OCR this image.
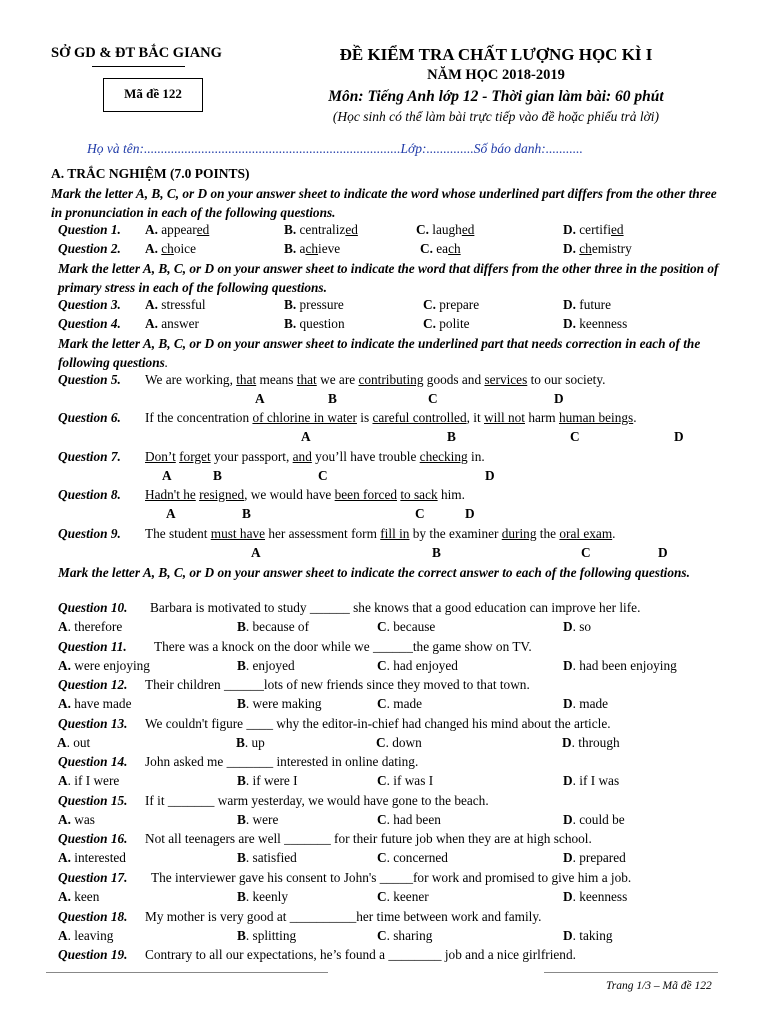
SỞ GD & ĐT BẮC GIANG
Mã đề 122
ĐỀ KIỂM TRA CHẤT LƯỢNG HỌC KÌ I
NĂM HỌC 2018-2019
Môn: Tiếng Anh lớp 12 - Thời gian làm bài: 60 phút
(Học sinh có thể làm bài trực tiếp vào đề hoặc phiếu trả lời)
Họ và tên:............................................................................Lớp:..............Số báo danh:...........
A. TRẮC NGHIỆM (7.0 POINTS)
Mark the letter A, B, C, or D on your answer sheet to indicate the word whose underlined part differs from the other three in pronunciation in each of the following questions.
Question 1. A. appeared	B. centralized	C. laughed	D. certified
Question 2. A. choice	B. achieve	C. each	D. chemistry
Mark the letter A, B, C, or D on your answer sheet to indicate the word that differs from the other three in the position of primary stress in each of the following questions.
Question 3. A. stressful	B. pressure	C. prepare	D. future
Question 4. A. answer	B. question	C. polite	D. keenness
Mark the letter A, B, C, or D on your answer sheet to indicate the underlined part that needs correction in each of the following questions.
Question 5. We are working, that means that we are contributing goods and services to our society.
A	B	C	D
Question 6. If the concentration of chlorine in water is careful controlled, it will not harm human beings.
A	B	C	D
Question 7. Don’t forget your passport, and you’ll have trouble checking in.
A	B	C	D
Question 8. Hadn't he resigned, we would have been forced to sack him.
A	B	C	D
Question 9. The student must have her assessment form fill in by the examiner during the oral exam.
A	B	C	D
Mark the letter A, B, C, or D on your answer sheet to indicate the correct answer to each of the following questions.
Question 10. Barbara is motivated to study ______ she knows that a good education can improve her life.
A. therefore	B. because of	C. because	D. so
Question 11. There was a knock on the door while we ______the game show on TV.
A. were enjoying	B. enjoyed	C. had enjoyed	D. had been enjoying
Question 12. Their children ______lots of new friends since they moved to that town.
A. have made	B. were making	C. made	D. made
Question 13. We couldn't figure ____ why the editor-in-chief had changed his mind about the article.
A. out	B. up	C. down	D. through
Question 14. John asked me _______ interested in online dating.
A. if I were	B. if were I	C. if was I	D. if I was
Question 15. If it _______ warm yesterday, we would have gone to the beach.
A. was	B. were	C. had been	D. could be
Question 16. Not all teenagers are well _______ for their future job when they are at high school.
A. interested	B. satisfied	C. concerned	D. prepared
Question 17. The interviewer gave his consent to John's _____for work and promised to give him a job.
A. keen	B. keenly	C. keener	D. keenness
Question 18. My mother is very good at __________her time between work and family.
A. leaving	B. splitting	C. sharing	D. taking
Question 19. Contrary to all our expectations, he’s found a ________ job and a nice girlfriend.
Trang 1/3 – Mã đề 122
